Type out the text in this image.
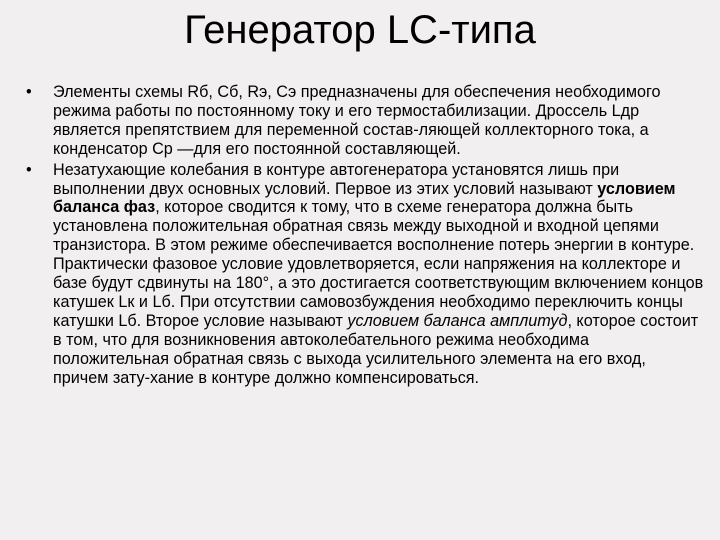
Генератор LC-типа
• Элементы схемы Rб, Cб, Rэ, Cэ предназначены для обеспечения необходимого режима работы по постоянному току и его термостабилизации. Дроссель Lдр является препятствием для переменной состав-ляющей коллекторного тока, а конденсатор Ср —для его постоянной составляющей.
• Незатухающие колебания в контуре автогенератора установятся лишь при выполнении двух основных условий. Первое из этих условий называют условием баланса фаз, которое сводится к тому, что в схеме генератора должна быть установлена положительная обратная связь между выходной и входной цепями транзистора. В этом режиме обеспечивается восполнение потерь энергии в контуре. Практически фазовое условие удовлетворяется, если напряжения на коллекторе и базе будут сдвинуты на 180°, а это достигается соответствующим включением концов катушек Lк и Lб. При отсутствии самовозбуждения необходимо переключить концы катушки Lб. Второе условие называют условием баланса амплитуд, которое состоит в том, что для возникновения автоколебательного режима необходима положительная обратная связь с выхода усилительного элемента на его вход, причем зату-хание в контуре должно компенсироваться.
